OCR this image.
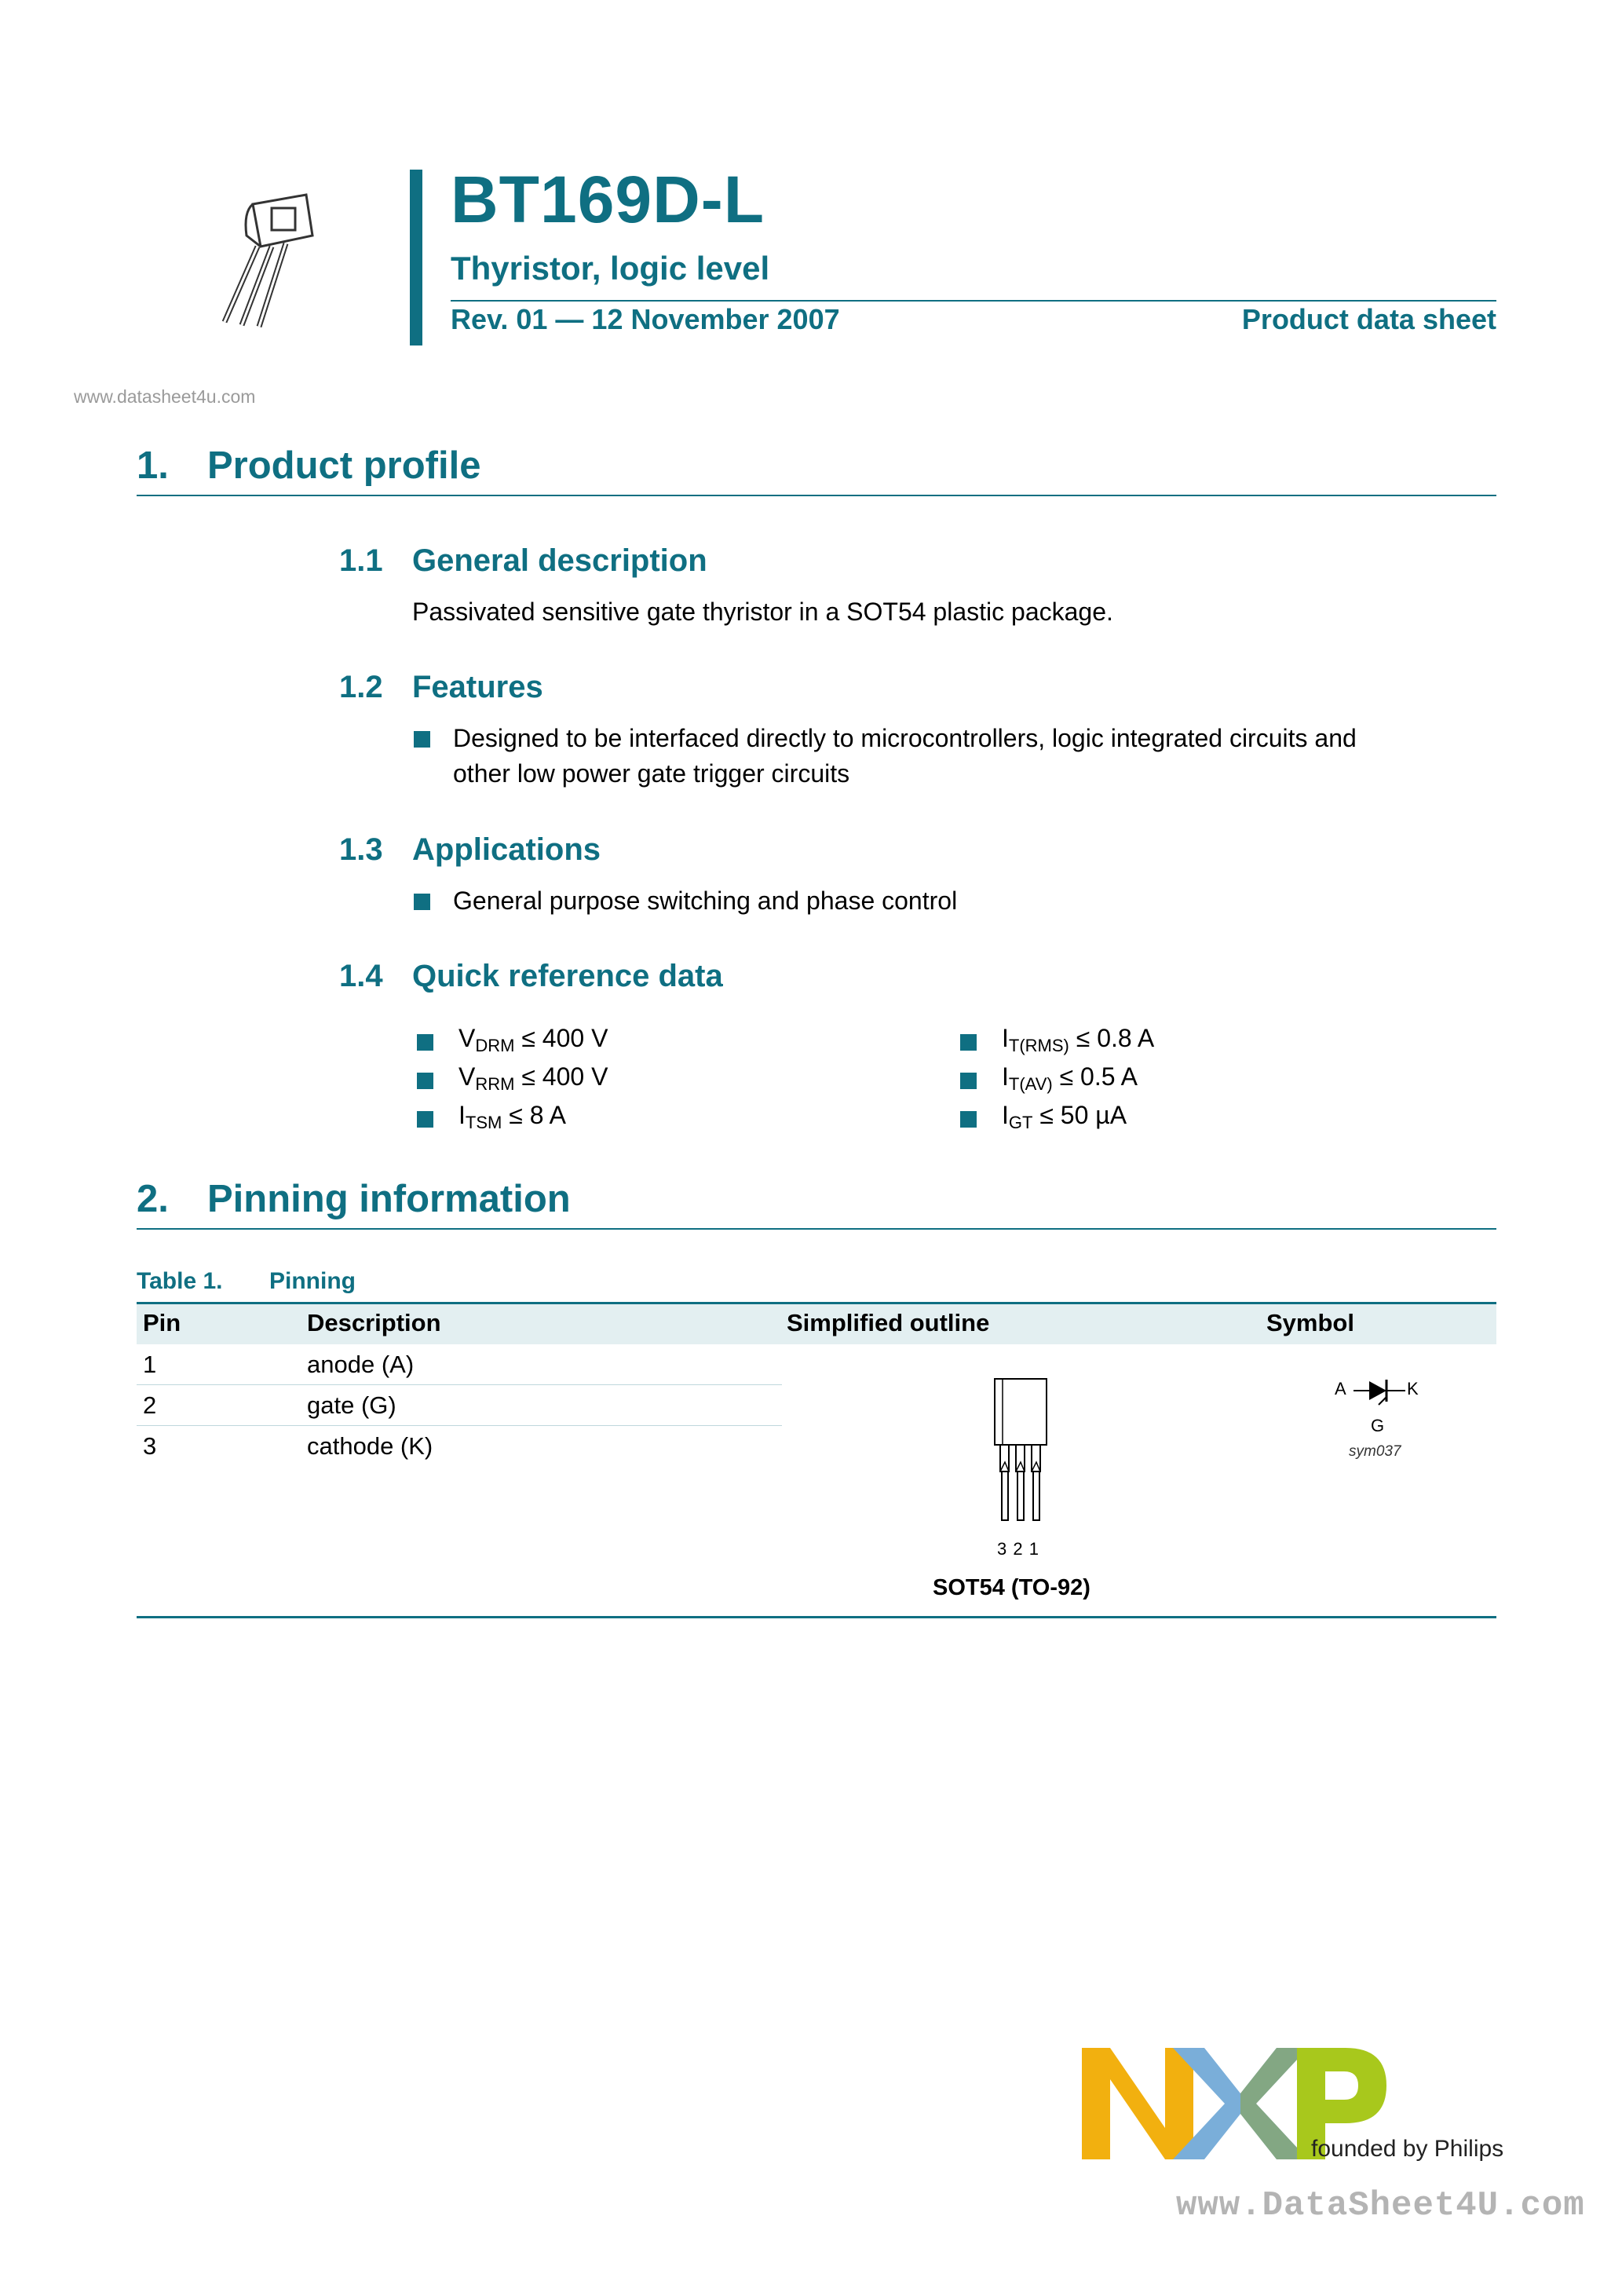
BT169D-L
Thyristor, logic level
Rev. 01 — 12 November 2007	Product data sheet
www.datasheet4u.com
1. Product profile
1.1 General description
Passivated sensitive gate thyristor in a SOT54 plastic package.
1.2 Features
Designed to be interfaced directly to microcontrollers, logic integrated circuits and
other low power gate trigger circuits
1.3 Applications
General purpose switching and phase control
1.4 Quick reference data
$V_{DRM} \le 400$ V
$V_{RRM} \le 400$ V
$I_{TSM} \le 8$ A
$I_{T(RMS)} \le 0.8$ A
$I_{T(AV)} \le 0.5$ A
$I_{GT} \le 50$ µA
2. Pinning information
Table 1. Pinning
Pin	Description	Simplified outline	Symbol
1	anode (A)
2	gate (G)
3	cathode (K)
3 2 1
SOT54 (TO-92)
A	K
G
sym037
founded by Philips
www.DataSheet4U.com
